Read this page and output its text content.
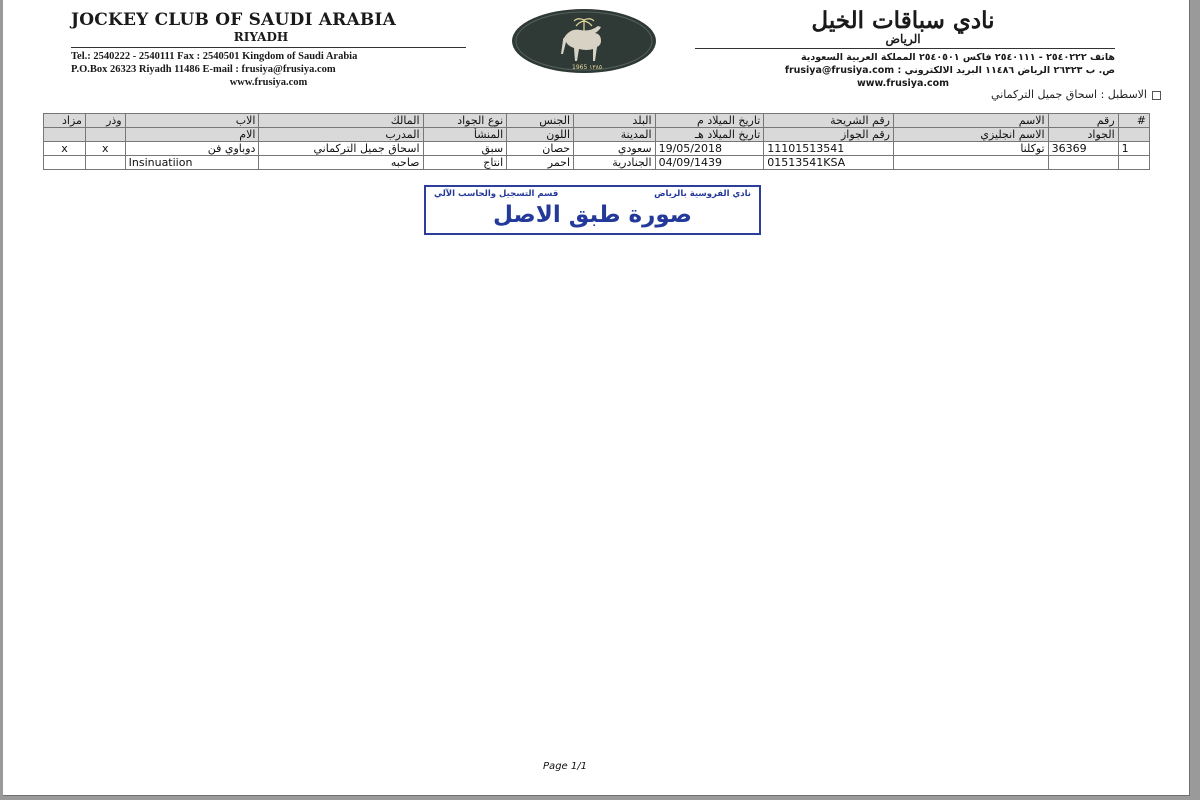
JOCKEY CLUB OF SAUDI ARABIA
RIYADH
Tel.: 2540222 - 2540111 Fax : 2540501 Kingdom of Saudi Arabia
P.O.Box 26323 Riyadh 11486 E-mail : frusiya@frusiya.com
www.frusiya.com
1965 ١٣٨٥
نادي سباقات الخيل
الرياض
هاتف ٢٥٤٠٢٢٢ - ٢٥٤٠١١١ فاكس ٢٥٤٠٥٠١ المملكة العربية السعودية
ص. ب ٢٦٣٢٣ الرياض ١١٤٨٦ البريد الالكتروني : frusiya@frusiya.com
www.frusiya.com
الاسطبل : اسحاق جميل التركماني
#	رقم	الاسم	رقم الشريحة	تاريخ الميلاد م	البلد	الجنس	نوع الجواد	المالك	الاب	وذر	مزاد
	الجواد	الاسم انجليزي	رقم الجواز	تاريخ الميلاد هـ	المدينة	اللون	المنشأ	المدرب	الام		
1	36369	توكلنا	11101513541	19/05/2018	سعودي	حصان	سبق	اسحاق جميل التركماني	دوباوي فن	x	x
			01513541KSA	04/09/1439	الجنادرية	احمر	انتاج	صاحبه	Insinuatiion		
نادي الفروسية بالرياض
قسم التسجيل والحاسب الآلي
صورة طبق الاصل
Page 1/1
